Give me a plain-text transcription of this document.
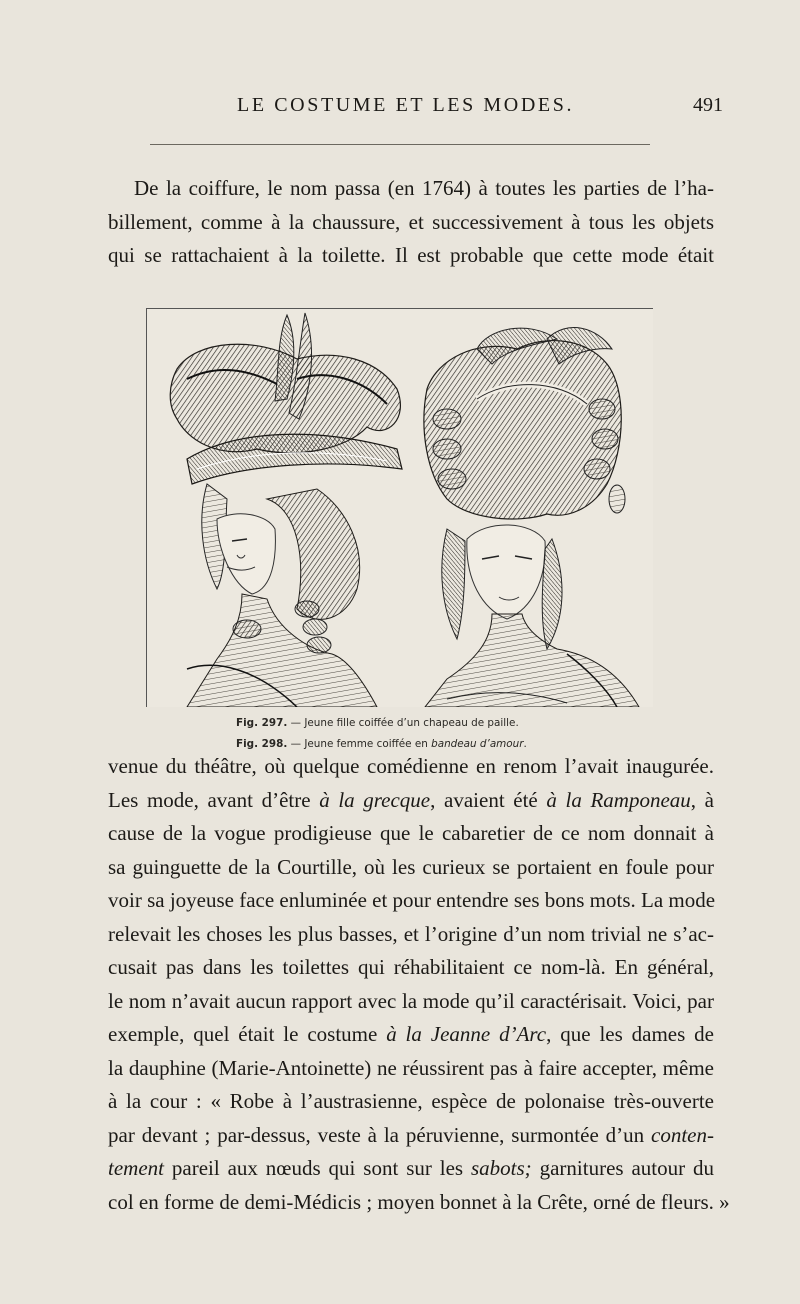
LE COSTUME ET LES MODES.	491
De la coiffure, le nom passa (en 1764) à toutes les parties de l’ha-
billement, comme à la chaussure, et successivement à tous les objets
qui se rattachaient à la toilette. Il est probable que cette mode était
Fig. 297. — Jeune fille coiffée d’un chapeau de paille.
Fig. 298. — Jeune femme coiffée en bandeau d’amour.
venue du théâtre, où quelque comédienne en renom l’avait inaugurée.
Les mode, avant d’être à la grecque, avaient été à la Ramponeau, à
cause de la vogue prodigieuse que le cabaretier de ce nom donnait à
sa guinguette de la Courtille, où les curieux se portaient en foule pour
voir sa joyeuse face enluminée et pour entendre ses bons mots. La mode
relevait les choses les plus basses, et l’origine d’un nom trivial ne s’ac-
cusait pas dans les toilettes qui réhabilitaient ce nom-là. En général,
le nom n’avait aucun rapport avec la mode qu’il caractérisait. Voici, par
exemple, quel était le costume à la Jeanne d’Arc, que les dames de
la dauphine (Marie-Antoinette) ne réussirent pas à faire accepter, même
à la cour : « Robe à l’austrasienne, espèce de polonaise très-ouverte
par devant ; par-dessus, veste à la péruvienne, surmontée d’un conten-
tement pareil aux nœuds qui sont sur les sabots; garnitures autour du
col en forme de demi-Médicis ; moyen bonnet à la Crête, orné de fleurs. »
